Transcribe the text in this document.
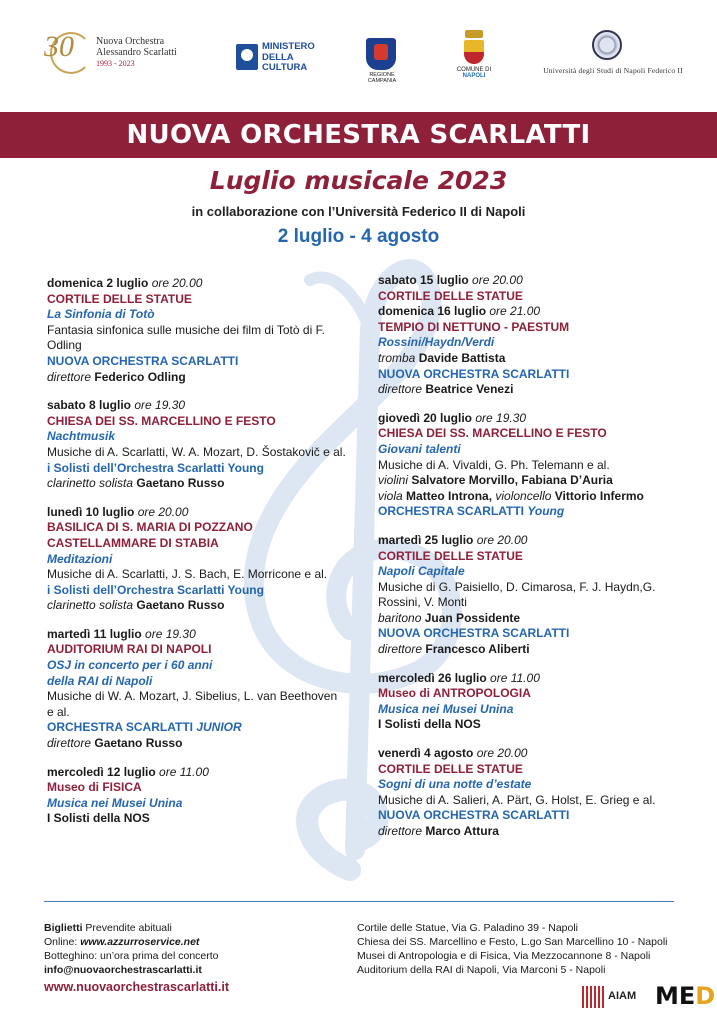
30 Nuova Orchestra
Alessandro Scarlatti
1993 - 2023
MINISTERO
DELLA
CULTURA
REGIONE CAMPANIA
COMUNE DI NAPOLI
Università degli Studi di Napoli Federico II
NUOVA ORCHESTRA SCARLATTI
Luglio musicale 2023
in collaborazione con l’Università Federico II di Napoli
2 luglio - 4 agosto
domenica 2 luglio ore 20.00
CORTILE DELLE STATUE
La Sinfonia di Totò
Fantasia sinfonica sulle musiche dei film di Totò di F. Odling
NUOVA ORCHESTRA SCARLATTI
direttore Federico Odling
sabato 8 luglio ore 19.30
CHIESA DEI SS. MARCELLINO E FESTO
Nachtmusik
Musiche di A. Scarlatti, W. A. Mozart, D. Šostakovič e al.
i Solisti dell’Orchestra Scarlatti Young
clarinetto solista Gaetano Russo
lunedì 10 luglio ore 20.00
BASILICA DI S. MARIA DI POZZANO
CASTELLAMMARE DI STABIA
Meditazioni
Musiche di A. Scarlatti, J. S. Bach, E. Morricone e al.
i Solisti dell’Orchestra Scarlatti Young
clarinetto solista Gaetano Russo
martedì 11 luglio ore 19.30
AUDITORIUM RAI DI NAPOLI
OSJ in concerto per i 60 anni
della RAI di Napoli
Musiche di W. A. Mozart, J. Sibelius, L. van Beethoven e al.
ORCHESTRA SCARLATTI JUNIOR
direttore Gaetano Russo
mercoledì 12 luglio ore 11.00
Museo di FISICA
Musica nei Musei Unina
I Solisti della NOS
sabato 15 luglio ore 20.00
CORTILE DELLE STATUE
domenica 16 luglio ore 21.00
TEMPIO DI NETTUNO - PAESTUM
Rossini/Haydn/Verdi
tromba Davide Battista
NUOVA ORCHESTRA SCARLATTI
direttore Beatrice Venezi
giovedì 20 luglio ore 19.30
CHIESA DEI SS. MARCELLINO E FESTO
Giovani talenti
Musiche di A. Vivaldi, G. Ph. Telemann e al.
violini Salvatore Morvillo, Fabiana D’Auria
viola Matteo Introna, violoncello Vittorio Infermo
ORCHESTRA SCARLATTI Young
martedì 25 luglio ore 20.00
CORTILE DELLE STATUE
Napoli Capitale
Musiche di G. Paisiello, D. Cimarosa, F. J. Haydn,G. Rossini, V. Monti
baritono Juan Possidente
NUOVA ORCHESTRA SCARLATTI
direttore Francesco Aliberti
mercoledì 26 luglio ore 11.00
Museo di ANTROPOLOGIA
Musica nei Musei Unina
I Solisti della NOS
venerdì 4 agosto ore 20.00
CORTILE DELLE STATUE
Sogni di una notte d’estate
Musiche di A. Salieri, A. Pärt, G. Holst, E. Grieg e al.
NUOVA ORCHESTRA SCARLATTI
direttore Marco Attura
Biglietti Prevendite abituali
Online: www.azzurroservice.net
Botteghino: un’ora prima del concerto
info@nuovaorchestrascarlatti.it
www.nuovaorchestrascarlatti.it
Cortile delle Statue, Via G. Paladino 39 - Napoli
Chiesa dei SS. Marcellino e Festo, L.go San Marcellino 10 - Napoli
Musei di Antropologia e di Fisica, Via Mezzocannone 8 - Napoli
Auditorium della RAI di Napoli, Via Marconi 5 - Napoli
AIAM MED
